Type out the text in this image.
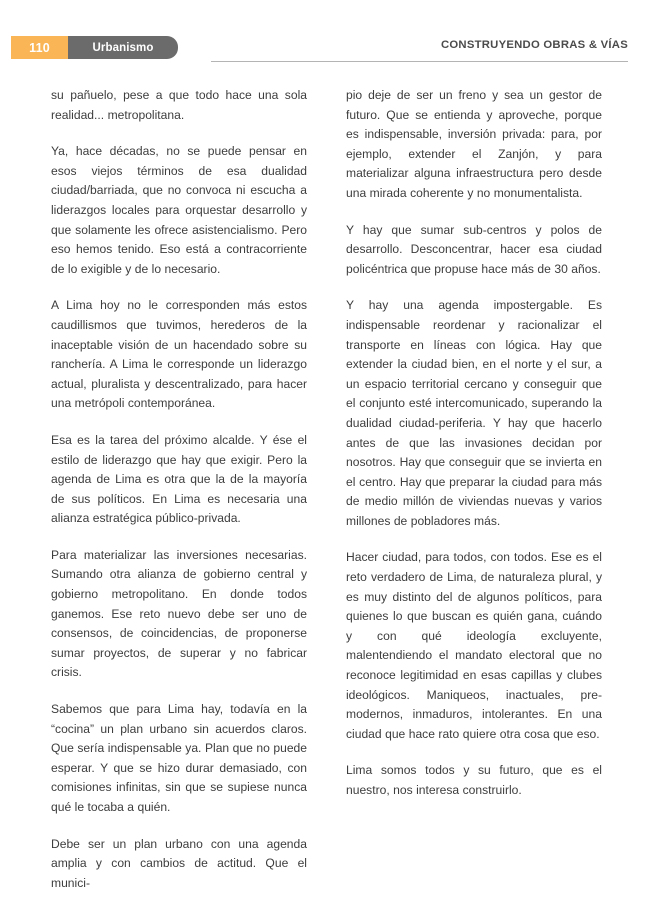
110	Urbanismo	CONSTRUYENDO OBRAS & VÍAS

su pañuelo, pese a que todo hace una sola realidad... metropolitana.

Ya, hace décadas, no se puede pensar en esos viejos términos de esa dualidad ciudad/barriada, que no convoca ni escucha a liderazgos locales para orquestar desarrollo y que solamente les ofrece asistencialismo. Pero eso hemos tenido. Eso está a contracorriente de lo exigible y de lo necesario.

A Lima hoy no le corresponden más estos caudillismos que tuvimos, herederos de la inaceptable visión de un hacendado sobre su ranchería. A Lima le corresponde un liderazgo actual, pluralista y descentralizado, para hacer una metrópoli contemporánea.

Esa es la tarea del próximo alcalde. Y ése el estilo de liderazgo que hay que exigir. Pero la agenda de Lima es otra que la de la mayoría de sus políticos. En Lima es necesaria una alianza estratégica público-privada.

Para materializar las inversiones necesarias. Sumando otra alianza de gobierno central y gobierno metropolitano. En donde todos ganemos. Ese reto nuevo debe ser uno de consensos, de coincidencias, de proponerse sumar proyectos, de superar y no fabricar crisis.

Sabemos que para Lima hay, todavía en la “cocina” un plan urbano sin acuerdos claros. Que sería indispensable ya. Plan que no puede esperar. Y que se hizo durar demasiado, con comisiones infinitas, sin que se supiese nunca qué le tocaba a quién.

Debe ser un plan urbano con una agenda amplia y con cambios de actitud. Que el munici-

pio deje de ser un freno y sea un gestor de futuro. Que se entienda y aproveche, porque es indispensable, inversión privada: para, por ejemplo, extender el Zanjón, y para materializar alguna infraestructura pero desde una mirada coherente y no monumentalista.

Y hay que sumar sub-centros y polos de desarrollo. Desconcentrar, hacer esa ciudad policéntrica que propuse hace más de 30 años.

Y hay una agenda impostergable. Es indispensable reordenar y racionalizar el transporte en líneas con lógica. Hay que extender la ciudad bien, en el norte y el sur, a un espacio territorial cercano y conseguir que el conjunto esté intercomunicado, superando la dualidad ciudad-periferia. Y hay que hacerlo antes de que las invasiones decidan por nosotros. Hay que conseguir que se invierta en el centro. Hay que preparar la ciudad para más de medio millón de viviendas nuevas y varios millones de pobladores más.

Hacer ciudad, para todos, con todos. Ese es el reto verdadero de Lima, de naturaleza plural, y es muy distinto del de algunos políticos, para quienes lo que buscan es quién gana, cuándo y con qué ideología excluyente, malentendiendo el mandato electoral que no reconoce legitimidad en esas capillas y clubes ideológicos. Maniqueos, inactuales, pre-modernos, inmaduros, intolerantes. En una ciudad que hace rato quiere otra cosa que eso.

Lima somos todos y su futuro, que es el nuestro, nos interesa construirlo.
